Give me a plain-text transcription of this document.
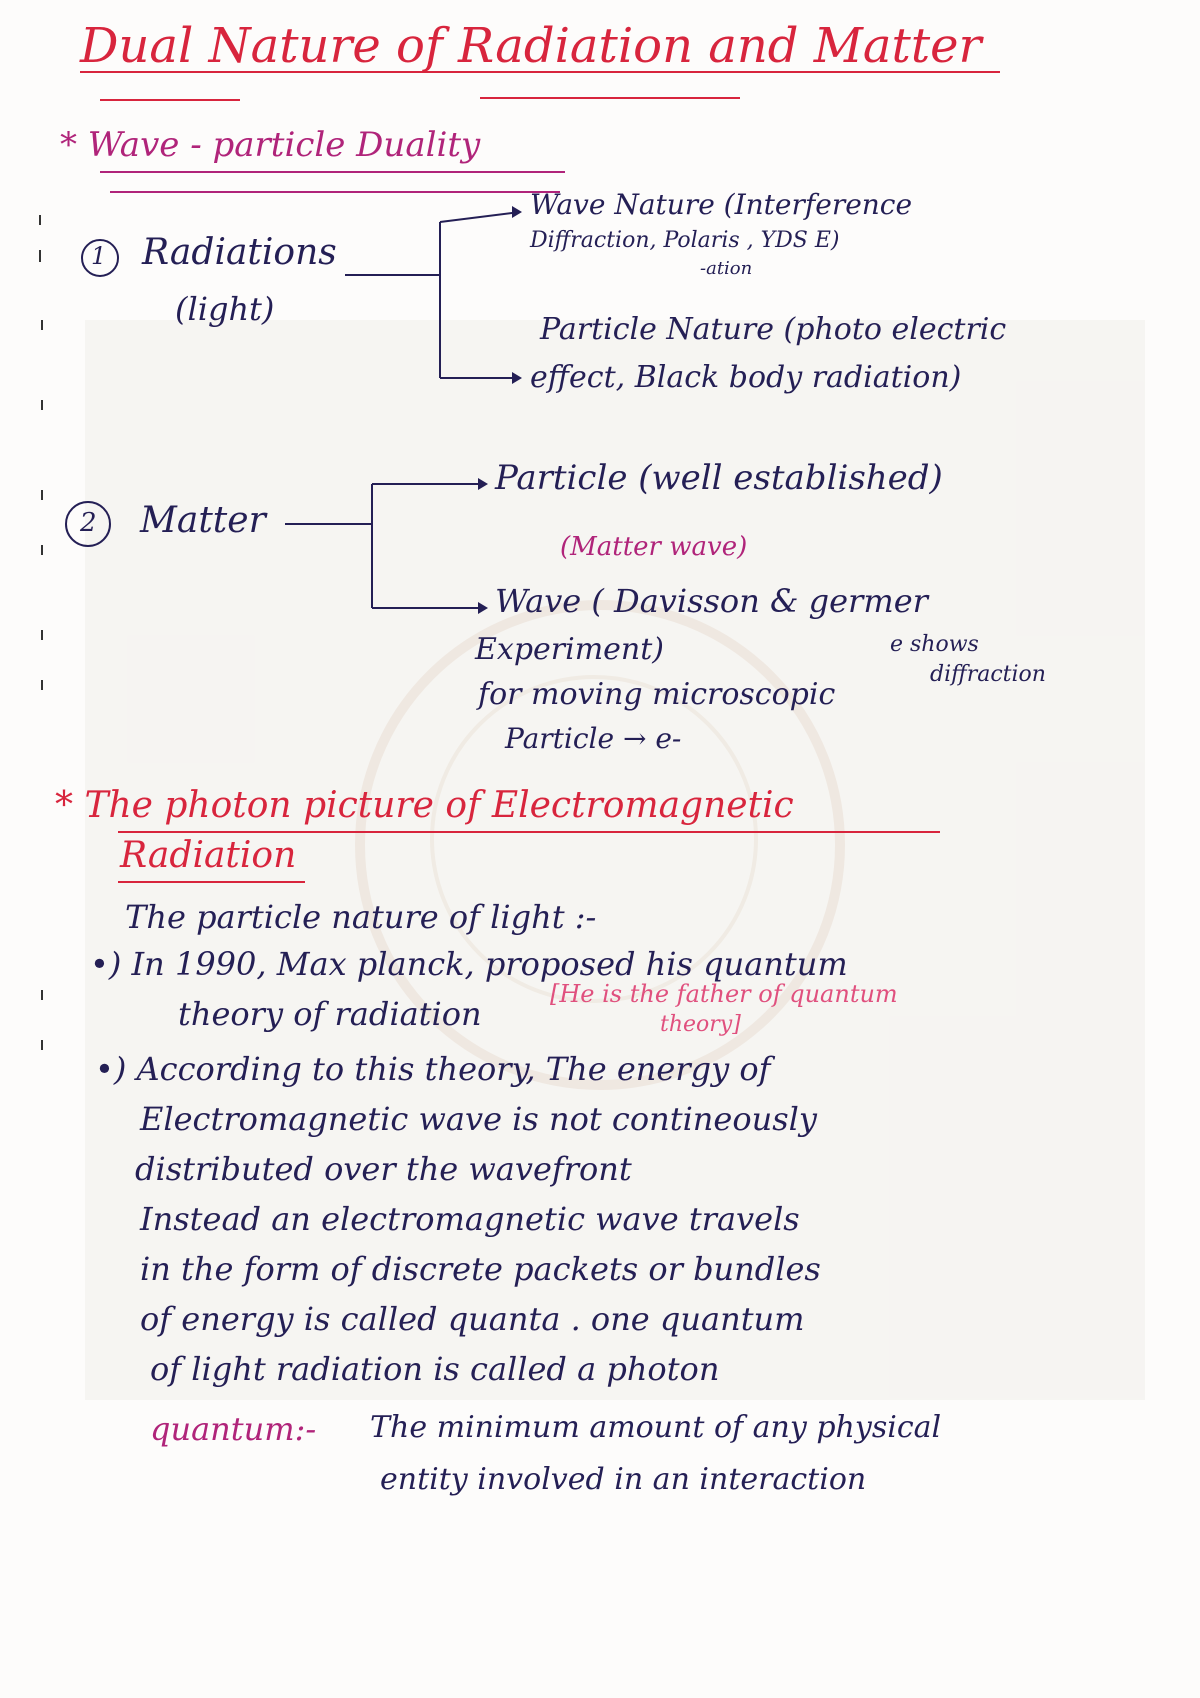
Dual Nature of Radiation and Matter
* Wave - particle Duality
1 Radiations
(light)
Wave Nature (Interference
Diffraction, Polaris , YDS E)
-ation
Particle Nature (photo electric
effect, Black body radiation)
2 Matter
Particle (well established)
(Matter wave)
Wave ( Davisson & germer
Experiment)	e shows
diffraction
for moving microscopic
Particle → e-
* The photon picture of Electromagnetic
Radiation
The particle nature of light :-
•) In 1990, Max planck, proposed his quantum
theory of radiation
[He is the father of quantum
theory]
•) According to this theory, The energy of
Electromagnetic wave is not contineously
distributed over the wavefront
Instead an electromagnetic wave travels
in the form of discrete packets or bundles
of energy is called quanta . one quantum
of light radiation is called a photon
quantum:- The minimum amount of any physical
entity involved in an interaction
